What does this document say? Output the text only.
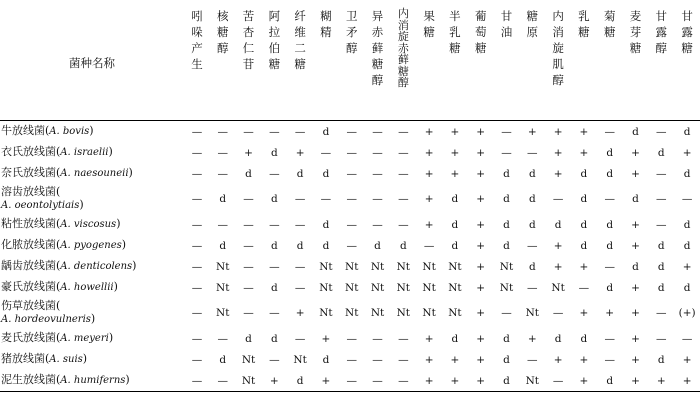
菌种名称	吲哚产生	核糖醇	苦杏仁苷	阿拉伯糖	纤维二糖	糊精	卫矛醇	异赤藓糖醇	内消旋赤藓糖醇	果糖	半乳糖	葡萄糖	甘油	糖原	内消旋肌醇	乳糖	菊糖	麦芽糖	甘露醇	甘露糖

牛放线菌(A. bovis)	—	—	—	—	—	d	—	—	—	+	+	+	—	+	+	+	—	d	—	d
衣氏放线菌(A. israelii)	—	—	+	d	+	—	—	—	—	+	+	+	—	—	+	+	d	+	d	+
奈氏放线菌(A. naesouneii)	—	—	d	—	d	d	—	—	—	+	+	+	d	d	+	d	d	+	—	d
溶齿放线菌(
A. oeontolytiais)	—	d	—	d	—	—	—	—	—	+	d	+	d	d	—	d	—	d	—	—
粘性放线菌(A. viscosus)	—	—	—	—	—	d	—	—	—	+	d	+	d	d	d	d	d	+	—	d
化脓放线菌(A. pyogenes)	—	d	—	d	d	d	—	d	d	—	d	+	d	—	+	d	d	+	d	d
龋齿放线菌(A. denticolens)	—	Nt	—	—	—	Nt	Nt	Nt	Nt	Nt	Nt	+	Nt	d	+	+	—	d	d	+
豪氏放线菌(A. howellii)	—	Nt	—	d	—	Nt	Nt	Nt	Nt	Nt	Nt	+	Nt	—	Nt	—	d	+	d	d
伤草放线菌(
A. hordeovulneris)	—	Nt	—	—	+	Nt	Nt	Nt	Nt	Nt	Nt	+	—	Nt	—	+	+	+	—	(+)
麦氏放线菌(A. meyeri)	—	—	d	d	—	+	—	—	—	+	d	+	d	+	d	d	—	+	—	—
猪放线菌(A. suis)	—	d	Nt	—	Nt	d	—	—	—	+	+	+	d	—	+	+	—	+	d	+
泥生放线菌(A. humiferns)	—	—	Nt	+	d	+	—	—	—	+	+	+	d	Nt	—	+	d	+	+	+
